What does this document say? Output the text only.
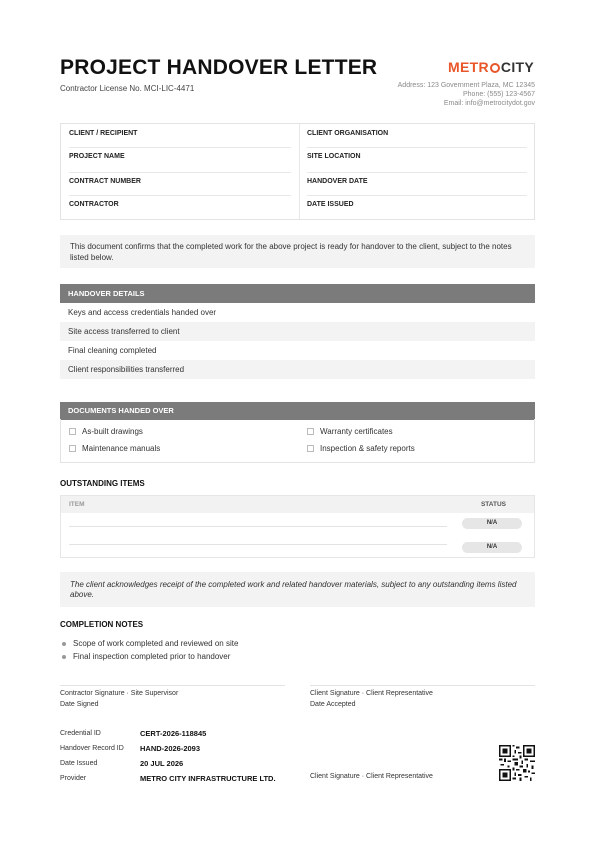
PROJECT HANDOVER LETTER
Contractor License No. MCI-LIC-4471
METR CITY
Address: 123 Government Plaza, MC 12345
Phone: (555) 123-4567
Email: info@metrocitydot.gov
CLIENT / RECIPIENT	CLIENT ORGANISATION
PROJECT NAME	SITE LOCATION
CONTRACT NUMBER	HANDOVER DATE
CONTRACTOR	DATE ISSUED
This document confirms that the completed work for the above project is ready for handover to the client, subject to the notes listed below.
HANDOVER DETAILS
Keys and access credentials handed over
Site access transferred to client
Final cleaning completed
Client responsibilities transferred
DOCUMENTS HANDED OVER
As-built drawings	Warranty certificates
Maintenance manuals	Inspection & safety reports
OUTSTANDING ITEMS
ITEM	STATUS
N/A
N/A
The client acknowledges receipt of the completed work and related handover materials, subject to any outstanding items listed above.
COMPLETION NOTES
Scope of work completed and reviewed on site
Final inspection completed prior to handover
Contractor Signature · Site Supervisor
Date Signed
Client Signature · Client Representative
Date Accepted
Credential ID	CERT-2026-118845
Handover Record ID HAND-2026-2093
Date Issued	20 JUL 2026
Provider	METRO CITY INFRASTRUCTURE LTD.	Client Signature · Client Representative
